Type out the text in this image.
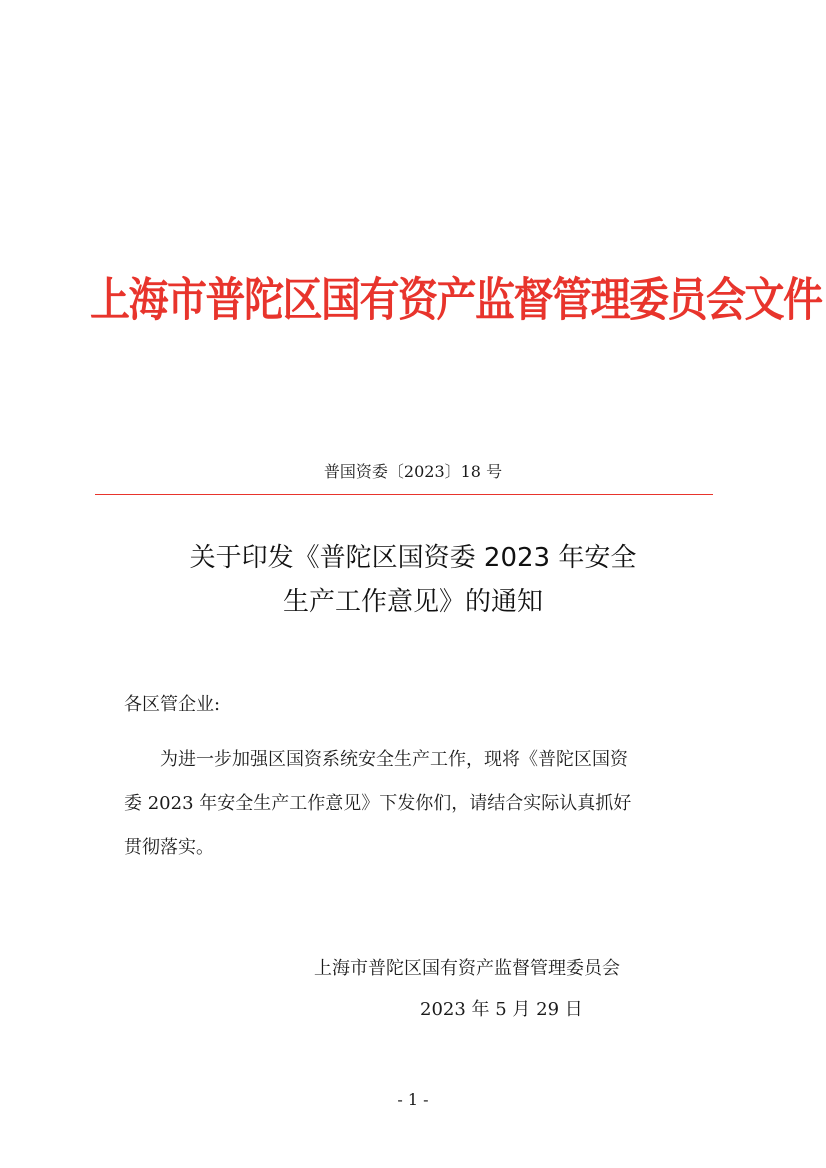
上海市普陀区国有资产监督管理委员会文件
普国资委〔2023〕18 号
关于印发《普陀区国资委 2023 年安全
生产工作意见》的通知
各区管企业:
为进一步加强区国资系统安全生产工作，现将《普陀区国资
委 2023 年安全生产工作意见》下发你们，请结合实际认真抓好
贯彻落实。
上海市普陀区国有资产监督管理委员会
2023 年 5 月 29 日
- 1 -
